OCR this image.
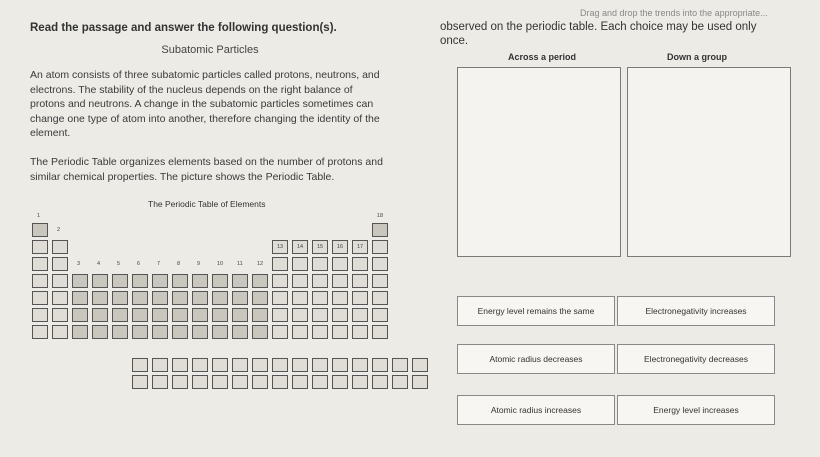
Read the passage and answer the following question(s).
Subatomic Particles
An atom consists of three subatomic particles called protons, neutrons, and electrons. The stability of the nucleus depends on the right balance of protons and neutrons. A change in the subatomic particles sometimes can change one type of atom into another, therefore changing the identity of the element.
The Periodic Table organizes elements based on the number of protons and similar chemical properties. The picture shows the Periodic Table.
The Periodic Table of Elements
1
2
3	4	5	6	7	8	9	10	11	12
13	14	15	16	17
18
Drag and drop the trends into the appropriate...
observed on the periodic table. Each choice may be used only
once.
Across a period	Down a group
Energy level remains the same	Electronegativity increases
Atomic radius decreases	Electronegativity decreases
Atomic radius increases	Energy level increases
